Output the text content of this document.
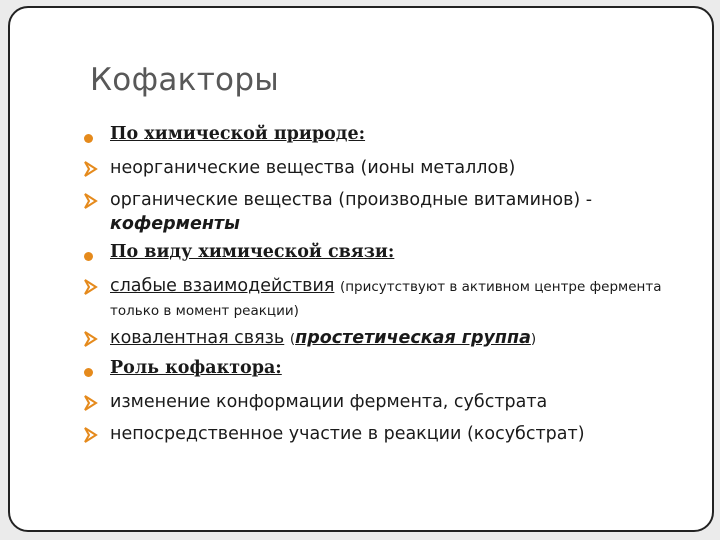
Кофакторы
По химической природе:
неорганические вещества (ионы металлов)
органические вещества (производные витаминов) -
коферменты
По виду химической связи:
слабые взаимодействия (присутствуют в активном центре фермента только в момент реакции)
ковалентная связь (простетическая группа)
Роль кофактора:
изменение конформации фермента, субстрата
непосредственное участие в реакции (косубстрат)
